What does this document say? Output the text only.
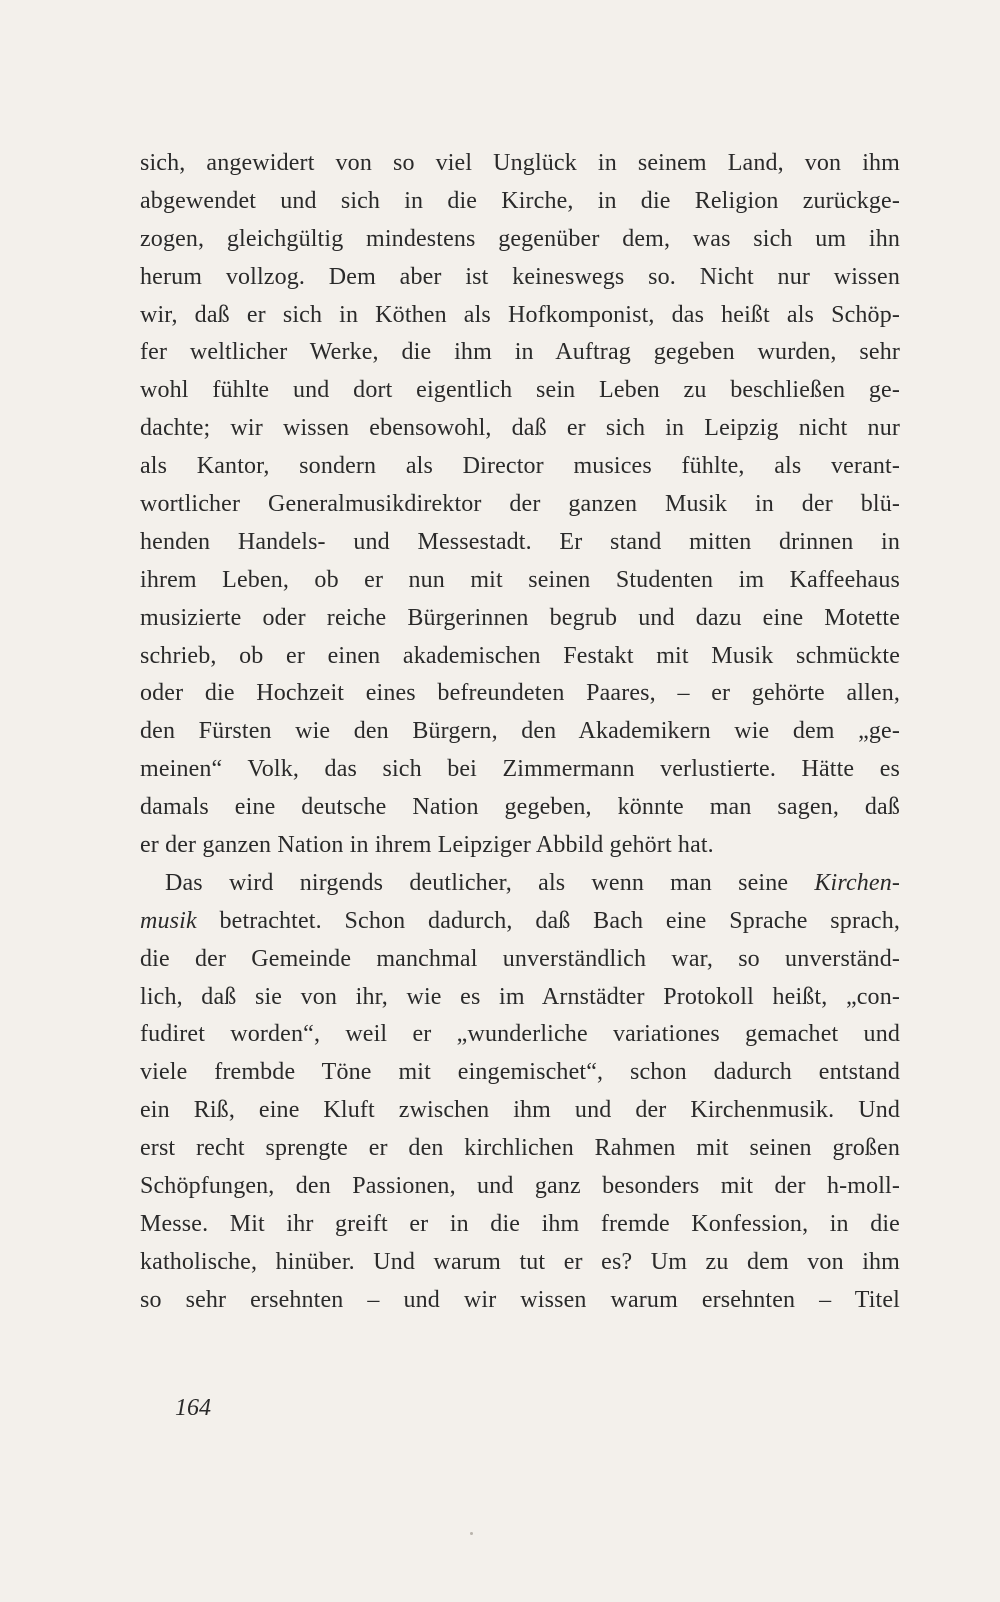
sich, angewidert von so viel Unglück in seinem Land, von ihm
abgewendet und sich in die Kirche, in die Religion zurückge-
zogen, gleichgültig mindestens gegenüber dem, was sich um ihn
herum vollzog. Dem aber ist keineswegs so. Nicht nur wissen
wir, daß er sich in Köthen als Hofkomponist, das heißt als Schöp-
fer weltlicher Werke, die ihm in Auftrag gegeben wurden, sehr
wohl fühlte und dort eigentlich sein Leben zu beschließen ge-
dachte; wir wissen ebensowohl, daß er sich in Leipzig nicht nur
als Kantor, sondern als Director musices fühlte, als verant-
wortlicher Generalmusikdirektor der ganzen Musik in der blü-
henden Handels- und Messestadt. Er stand mitten drinnen in
ihrem Leben, ob er nun mit seinen Studenten im Kaffeehaus
musizierte oder reiche Bürgerinnen begrub und dazu eine Motette
schrieb, ob er einen akademischen Festakt mit Musik schmückte
oder die Hochzeit eines befreundeten Paares, – er gehörte allen,
den Fürsten wie den Bürgern, den Akademikern wie dem „ge-
meinen“ Volk, das sich bei Zimmermann verlustierte. Hätte es
damals eine deutsche Nation gegeben, könnte man sagen, daß
er der ganzen Nation in ihrem Leipziger Abbild gehört hat.
Das wird nirgends deutlicher, als wenn man seine Kirchen-
musik betrachtet. Schon dadurch, daß Bach eine Sprache sprach,
die der Gemeinde manchmal unverständlich war, so unverständ-
lich, daß sie von ihr, wie es im Arnstädter Protokoll heißt, „con-
fudiret worden“, weil er „wunderliche variationes gemachet und
viele frembde Töne mit eingemischet“, schon dadurch entstand
ein Riß, eine Kluft zwischen ihm und der Kirchenmusik. Und
erst recht sprengte er den kirchlichen Rahmen mit seinen großen
Schöpfungen, den Passionen, und ganz besonders mit der h-moll-
Messe. Mit ihr greift er in die ihm fremde Konfession, in die
katholische, hinüber. Und warum tut er es? Um zu dem von ihm
so sehr ersehnten – und wir wissen warum ersehnten – Titel
164
